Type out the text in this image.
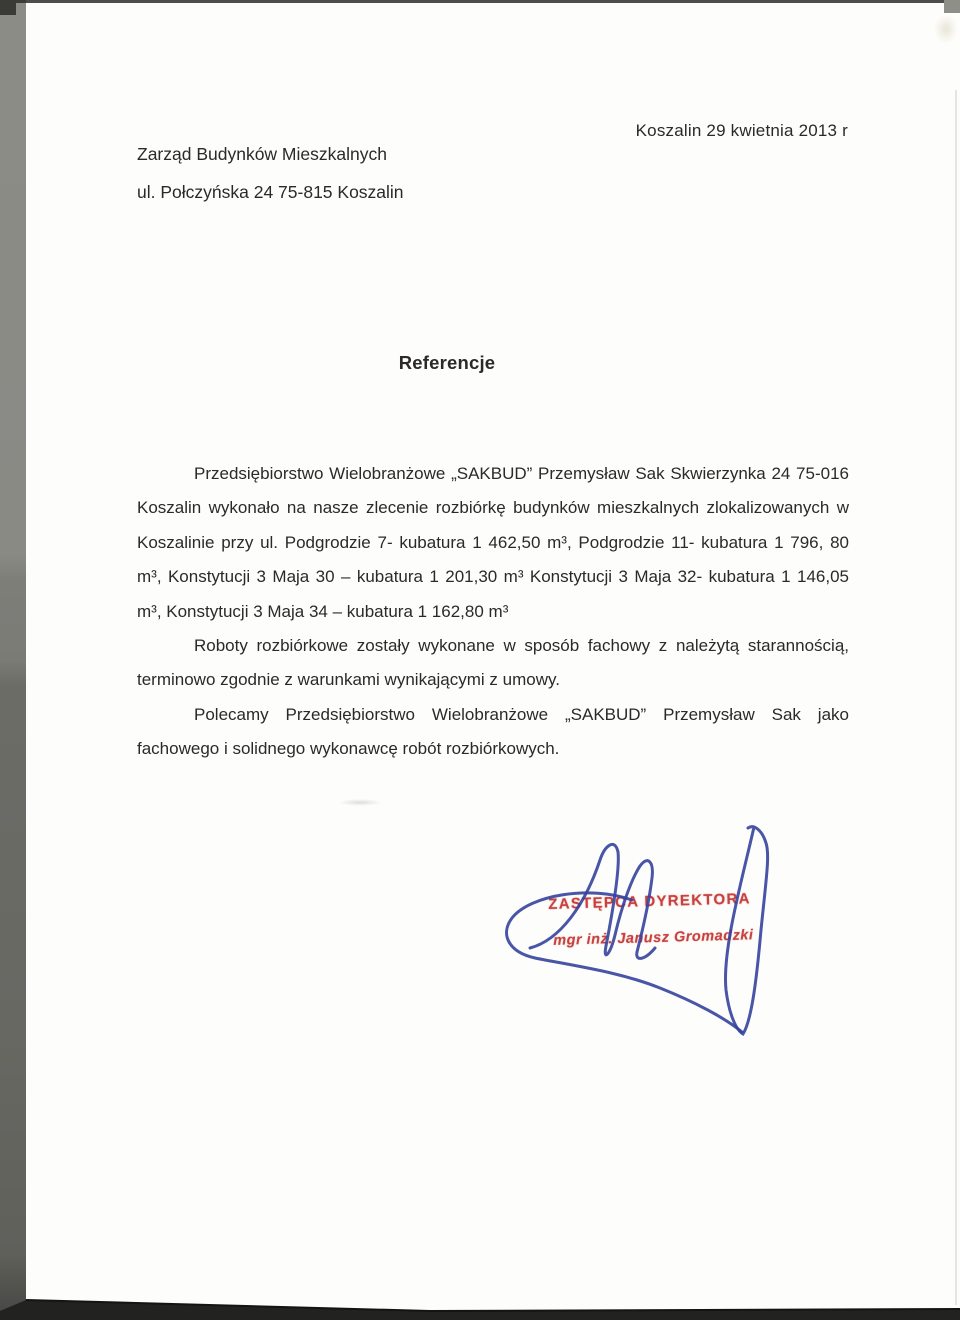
Koszalin 29 kwietnia 2013 r

Zarząd Budynków Mieszkalnych

ul. Połczyńska 24 75-815 Koszalin

Referencje

Przedsiębiorstwo Wielobranżowe „SAKBUD” Przemysław Sak Skwierzynka 24 75-016 Koszalin wykonało na nasze zlecenie rozbiórkę budynków mieszkalnych zlokalizowanych w Koszalinie przy ul. Podgrodzie 7- kubatura 1 462,50 m³, Podgrodzie 11- kubatura 1 796, 80 m³, Konstytucji 3 Maja 30 – kubatura 1 201,30 m³ Konstytucji 3 Maja 32- kubatura 1 146,05 m³, Konstytucji 3 Maja 34 – kubatura 1 162,80 m³

Roboty rozbiórkowe zostały wykonane w sposób fachowy z należytą starannością, terminowo zgodnie z warunkami wynikającymi z umowy.

Polecamy Przedsiębiorstwo Wielobranżowe „SAKBUD” Przemysław Sak jako fachowego i solidnego wykonawcę robót rozbiórkowych.

ZASTĘPCA DYREKTORA
mgr inż. Janusz Gromadzki
